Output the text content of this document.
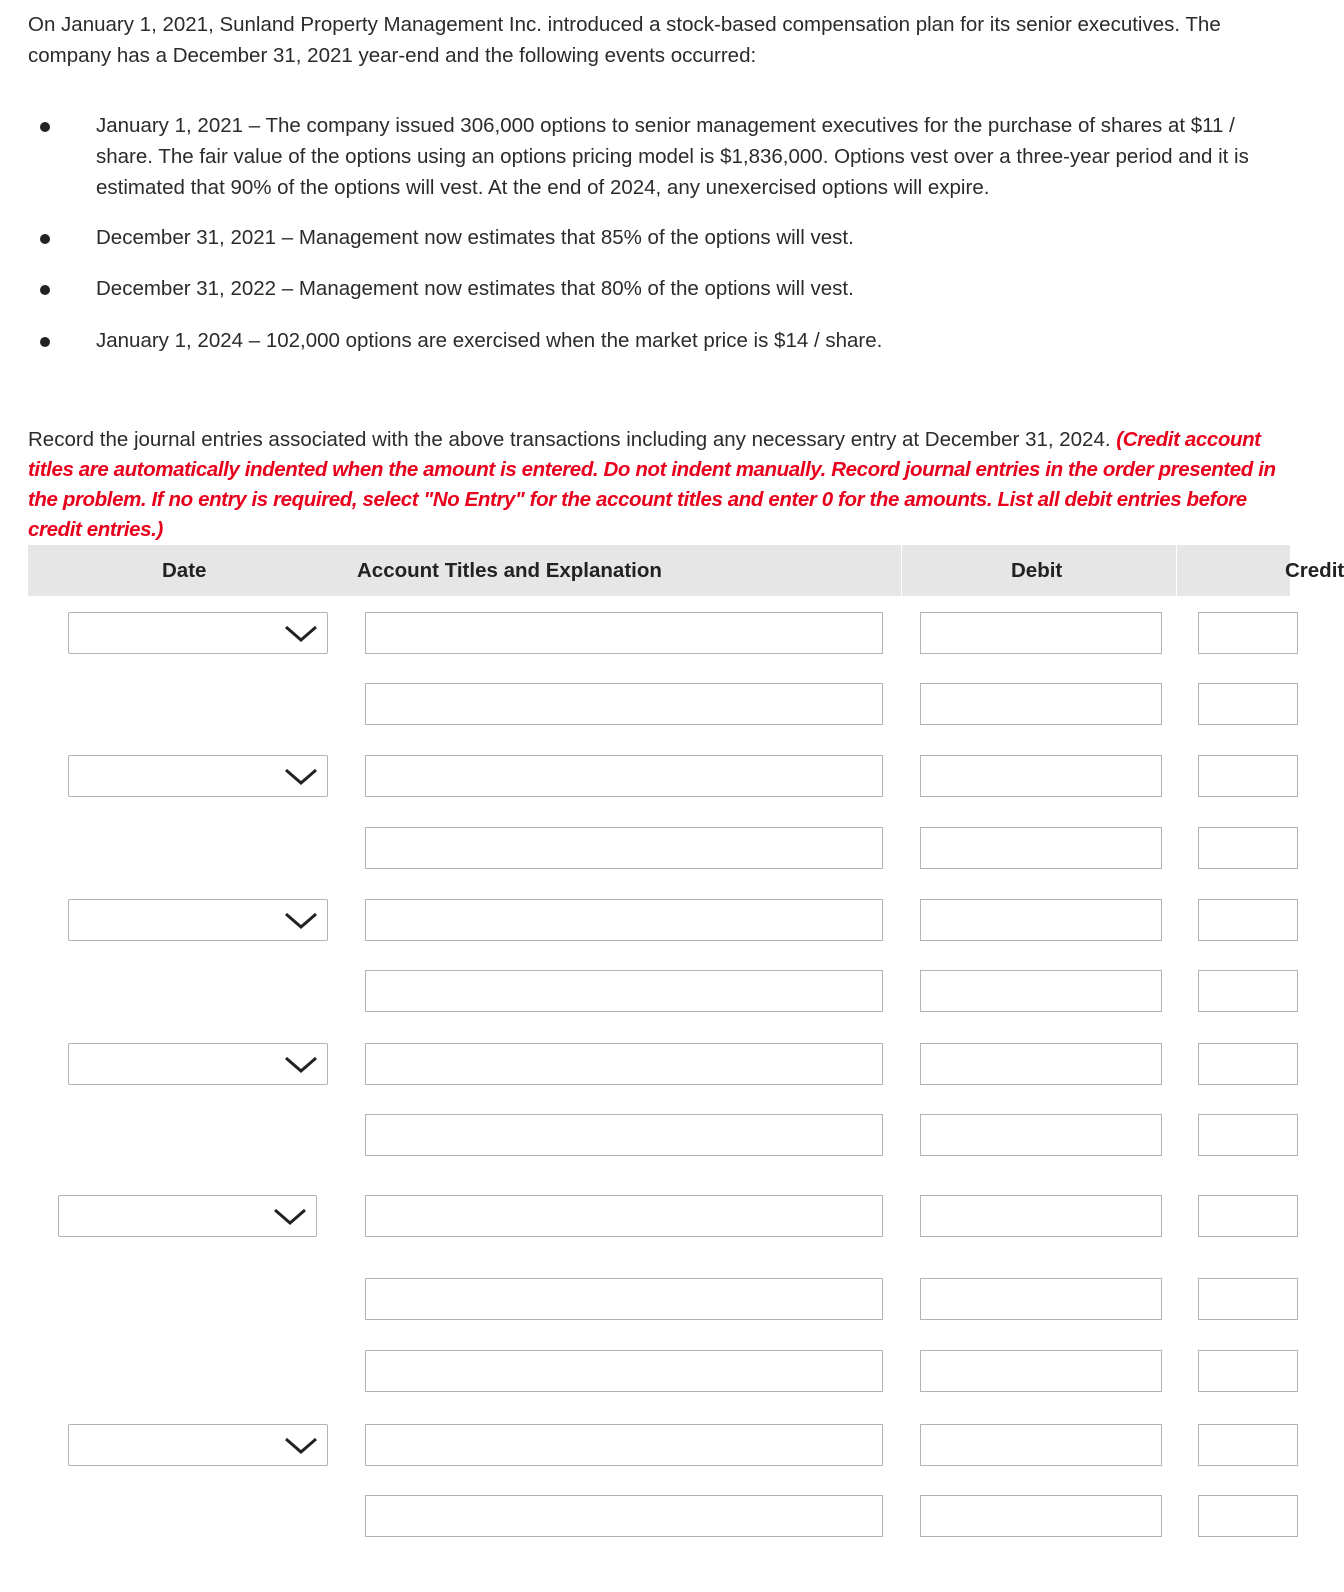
On January 1, 2021, Sunland Property Management Inc. introduced a stock-based compensation plan for its senior executives. The company has a December 31, 2021 year-end and the following events occurred:
January 1, 2021 – The company issued 306,000 options to senior management executives for the purchase of shares at $11 / share. The fair value of the options using an options pricing model is $1,836,000. Options vest over a three-year period and it is estimated that 90% of the options will vest. At the end of 2024, any unexercised options will expire.
December 31, 2021 – Management now estimates that 85% of the options will vest.
December 31, 2022 – Management now estimates that 80% of the options will vest.
January 1, 2024 – 102,000 options are exercised when the market price is $14 / share.
Record the journal entries associated with the above transactions including any necessary entry at December 31, 2024. (Credit account titles are automatically indented when the amount is entered. Do not indent manually. Record journal entries in the order presented in the problem. If no entry is required, select "No Entry" for the account titles and enter 0 for the amounts. List all debit entries before credit entries.)
Date	Account Titles and Explanation	Debit	Credit
